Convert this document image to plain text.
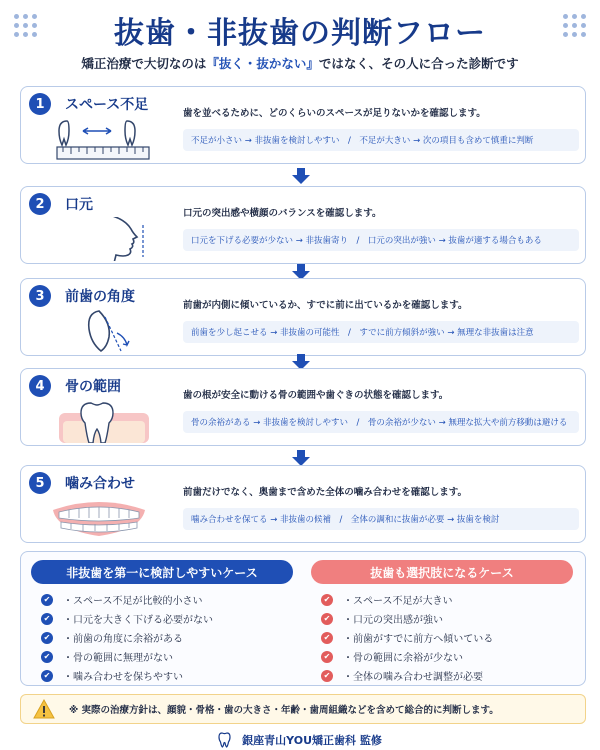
抜歯・非抜歯の判断フロー
矯正治療で大切なのは『抜く・抜かない』ではなく、その人に合った診断です
1	スペース不足
歯を並べるために、どのくらいのスペースが足りないかを確認します。
不足が小さい → 非抜歯を検討しやすい　/　不足が大きい → 次の項目も含めて慎重に判断
2	口元
口元の突出感や横顔のバランスを確認します。
口元を下げる必要が少ない → 非抜歯寄り　/　口元の突出が強い → 抜歯が適する場合もある
3	前歯の角度
前歯が内側に傾いているか、すでに前に出ているかを確認します。
前歯を少し起こせる → 非抜歯の可能性　/　すでに前方傾斜が強い → 無理な非抜歯は注意
4	骨の範囲
歯の根が安全に動ける骨の範囲や歯ぐきの状態を確認します。
骨の余裕がある → 非抜歯を検討しやすい　/　骨の余裕が少ない → 無理な拡大や前方移動は避ける
5	噛み合わせ
前歯だけでなく、奥歯まで含めた全体の噛み合わせを確認します。
噛み合わせを保てる → 非抜歯の候補　/　全体の調和に抜歯が必要 → 抜歯を検討
非抜歯を第一に検討しやすいケース
✔ ・スペース不足が比較的小さい
✔ ・口元を大きく下げる必要がない
✔ ・前歯の角度に余裕がある
✔ ・骨の範囲に無理がない
✔ ・噛み合わせを保ちやすい
抜歯も選択肢になるケース
✔ ・スペース不足が大きい
✔ ・口元の突出感が強い
✔ ・前歯がすでに前方へ傾いている
✔ ・骨の範囲に余裕が少ない
✔ ・全体の噛み合わせ調整が必要
※ 実際の治療方針は、顔貌・骨格・歯の大きさ・年齢・歯周組織などを含めて総合的に判断します。
銀座青山YOU矯正歯科 監修
